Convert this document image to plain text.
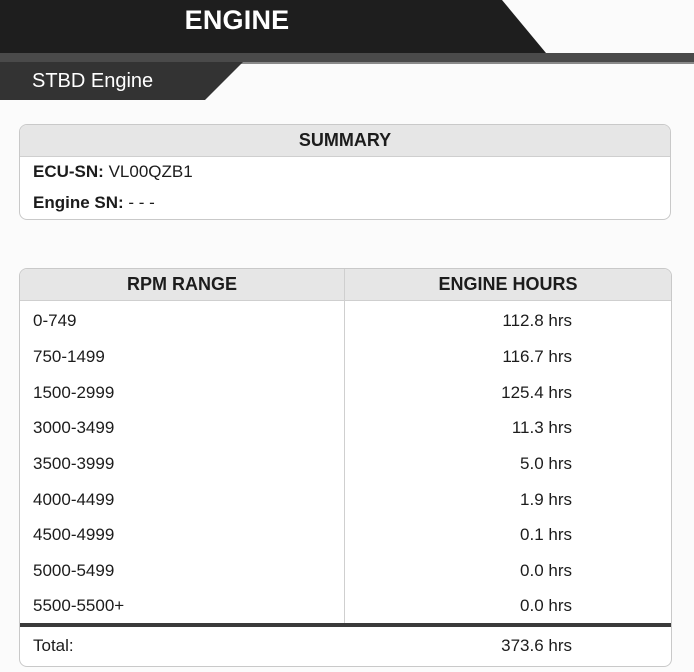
ENGINE
STBD Engine
SUMMARY
ECU-SN: VL00QZB1
Engine SN: - - -
RPM RANGE	ENGINE HOURS
0-749	112.8 hrs
750-1499	116.7 hrs
1500-2999	125.4 hrs
3000-3499	11.3 hrs
3500-3999	5.0 hrs
4000-4499	1.9 hrs
4500-4999	0.1 hrs
5000-5499	0.0 hrs
5500-5500+	0.0 hrs
Total:	373.6 hrs
